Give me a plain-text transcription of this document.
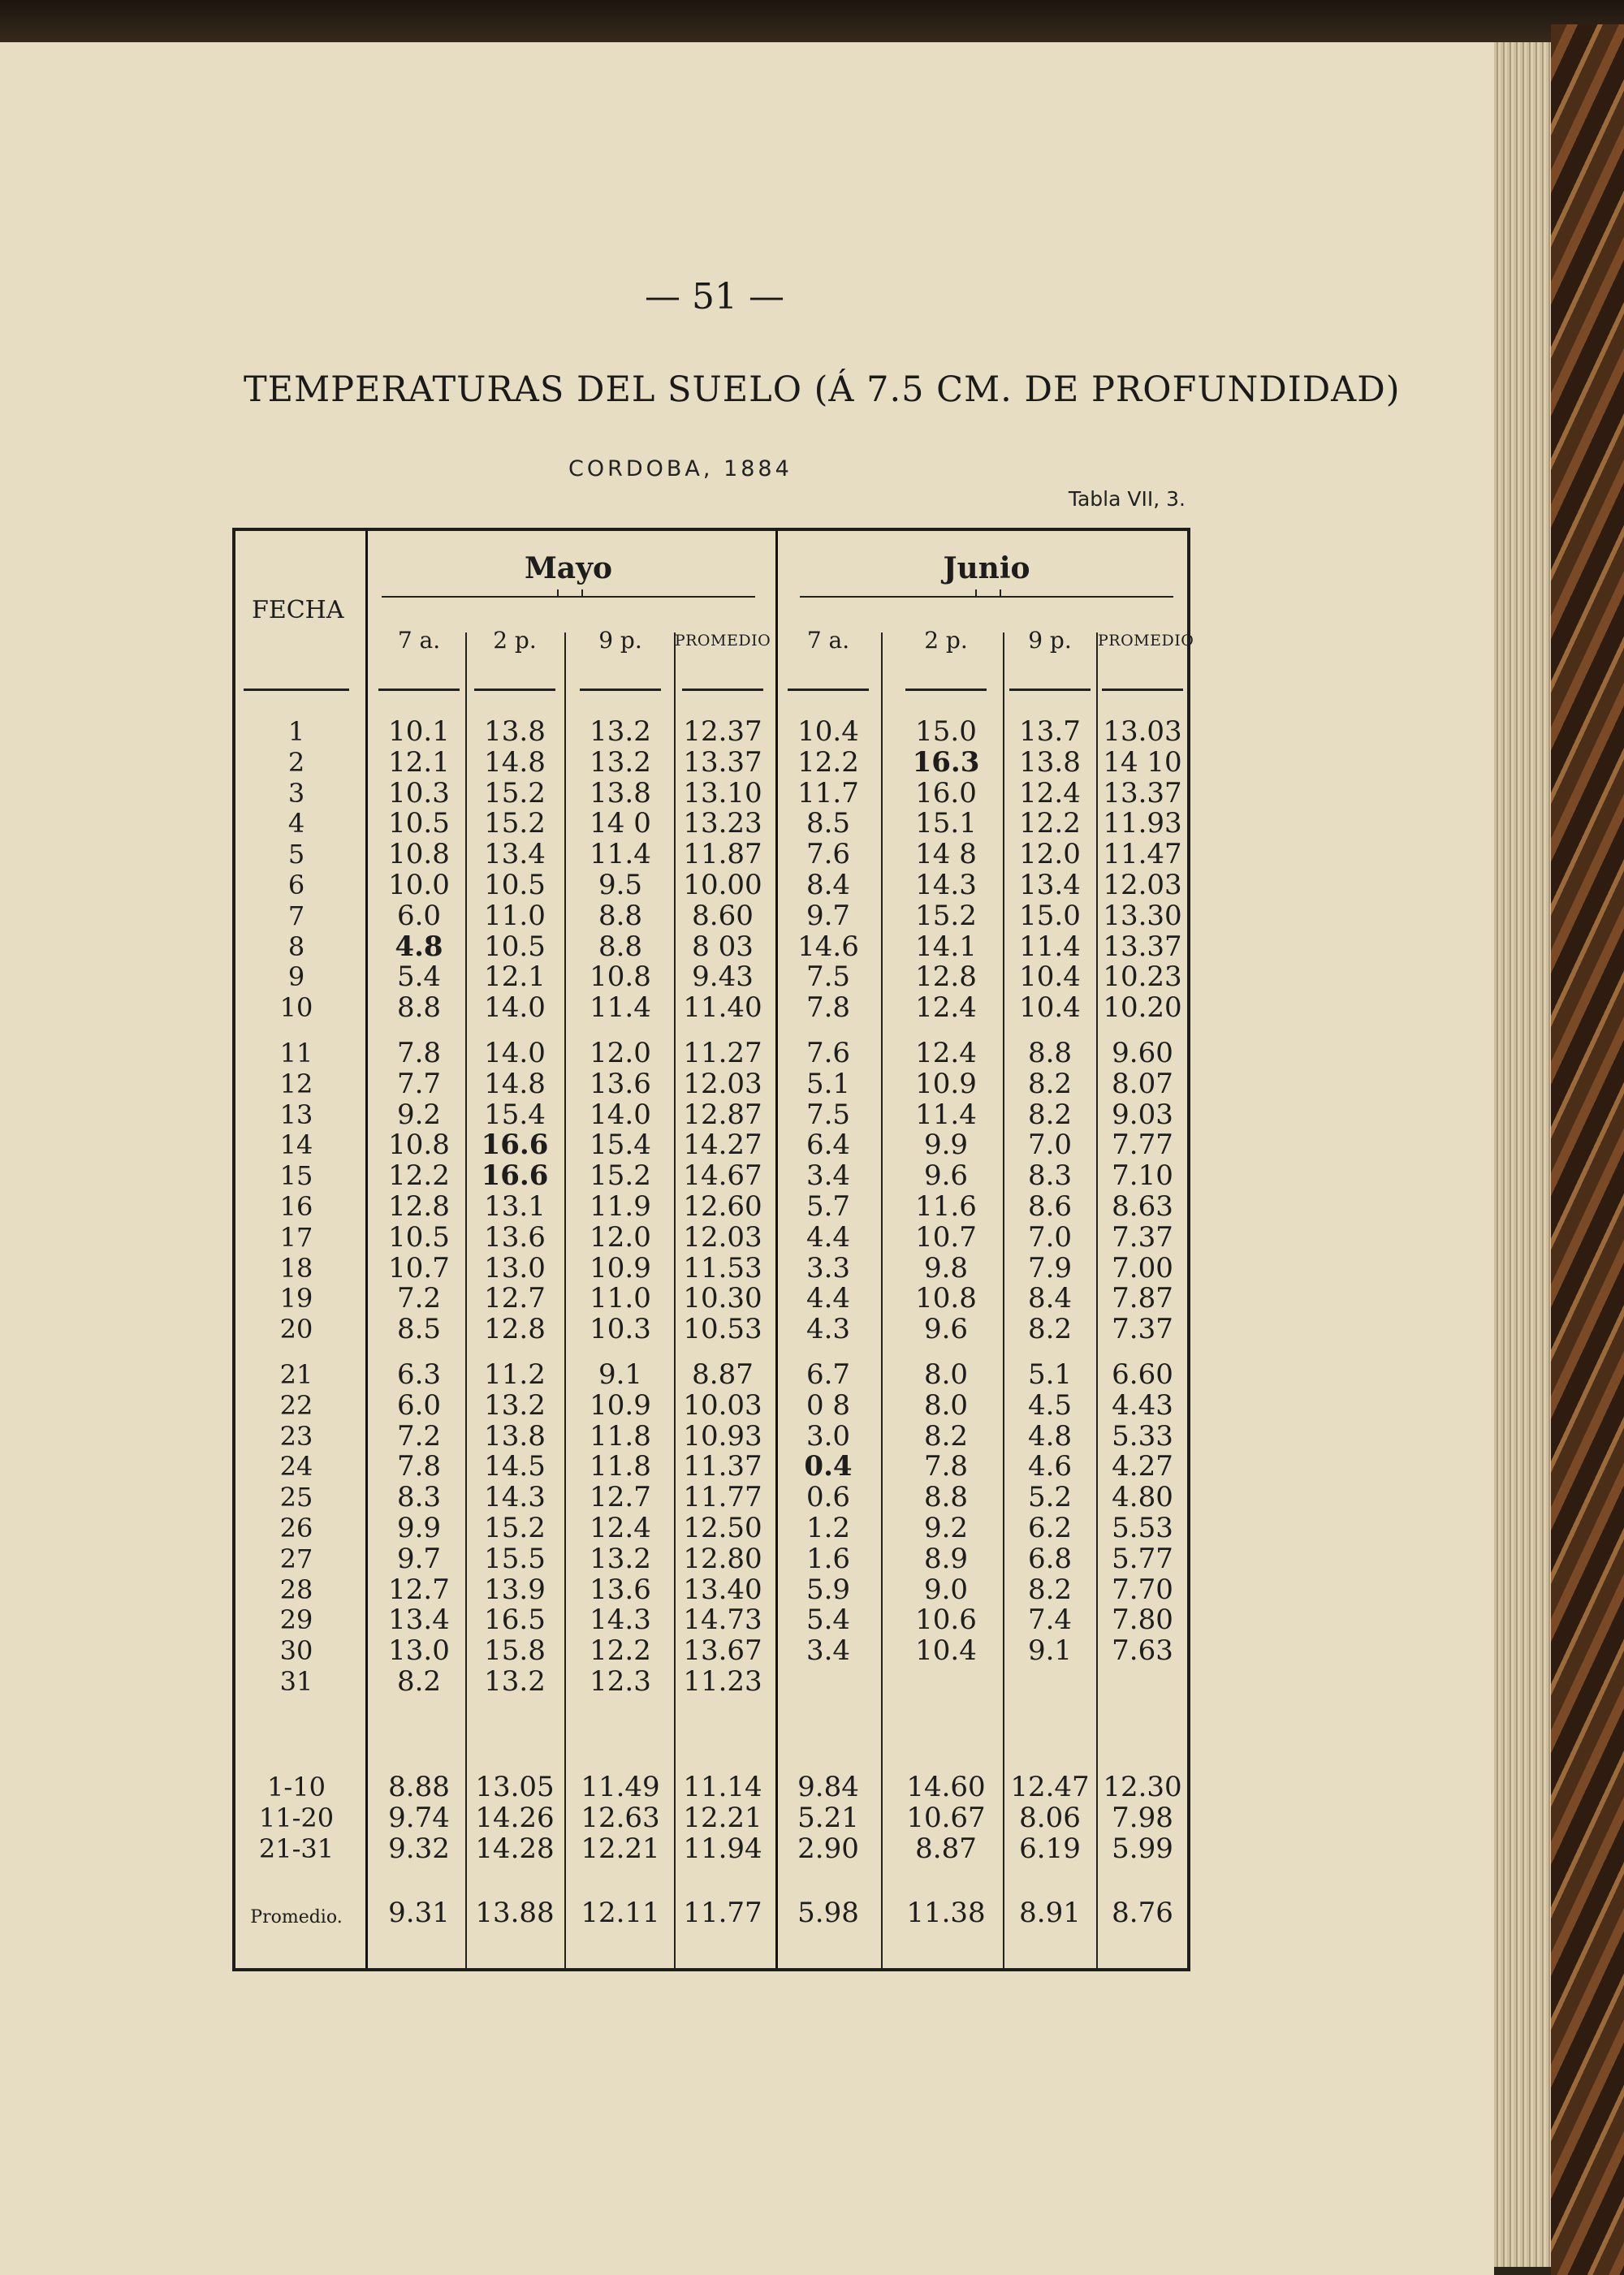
— 51 —
TEMPERATURAS DEL SUELO (Á 7.5 CM. DE PROFUNDIDAD)
CORDOBA, 1884
Tabla VII, 3.
FECHA
Mayo	Junio
7 a.	2 p.	9 p.	PROMEDIO	7 a.	2 p.	9 p.	PROMEDIO
1	10.1	13.8	13.2	12.37	10.4	15.0	13.7 13.03
2	12.1	14.8	13.2	13.37	12.2	16.3	13.8 14 10
3	10.3	15.2	13.8	13.10	11.7	16.0	12.4 13.37
4	10.5	15.2	14 0	13.23	8.5	15.1	12.2 11.93
5	10.8	13.4	11.4	11.87	7.6	14 8	12.0 11.47
6	10.0	10.5	9.5	10.00	8.4	14.3	13.4 12.03
7	6.0	11.0	8.8	8.60	9.7	15.2	15.0 13.30
8	4.8	10.5	8.8	8 03	14.6	14.1	11.4 13.37
9	5.4	12.1	10.8	9.43	7.5	12.8	10.4 10.23
10	8.8	14.0	11.4	11.40	7.8	12.4	10.4 10.20
11	7.8	14.0	12.0	11.27	7.6	12.4	8.8	9.60
12	7.7	14.8	13.6	12.03	5.1	10.9	8.2	8.07
13	9.2	15.4	14.0	12.87	7.5	11.4	8.2	9.03
14	10.8	16.6	15.4	14.27	6.4	9.9	7.0	7.77
15	12.2	16.6	15.2	14.67	3.4	9.6	8.3	7.10
16	12.8	13.1	11.9	12.60	5.7	11.6	8.6	8.63
17	10.5	13.6	12.0	12.03	4.4	10.7	7.0	7.37
18	10.7	13.0	10.9	11.53	3.3	9.8	7.9	7.00
19	7.2	12.7	11.0	10.30	4.4	10.8	8.4	7.87
20	8.5	12.8	10.3	10.53	4.3	9.6	8.2	7.37
21	6.3	11.2	9.1	8.87	6.7	8.0	5.1	6.60
22	6.0	13.2	10.9	10.03	0 8	8.0	4.5	4.43
23	7.2	13.8	11.8	10.93	3.0	8.2	4.8	5.33
24	7.8	14.5	11.8	11.37	0.4	7.8	4.6	4.27
25	8.3	14.3	12.7	11.77	0.6	8.8	5.2	4.80
26	9.9	15.2	12.4	12.50	1.2	9.2	6.2	5.53
27	9.7	15.5	13.2	12.80	1.6	8.9	6.8	5.77
28	12.7	13.9	13.6	13.40	5.9	9.0	8.2	7.70
29	13.4	16.5	14.3	14.73	5.4	10.6	7.4	7.80
30	13.0	15.8	12.2	13.67	3.4	10.4	9.1	7.63
31	8.2	13.2	12.3	11.23
1-10	8.88 13.05 11.49 11.14	9.84	14.60 12.47 12.30
11-20	9.74 14.26 12.63 12.21	5.21	10.67	8.06	7.98
21-31	9.32 14.28 12.21 11.94	2.90	8.87	6.19	5.99
Promedio.	9.31 13.88 12.11 11.77	5.98	11.38	8.91	8.76
